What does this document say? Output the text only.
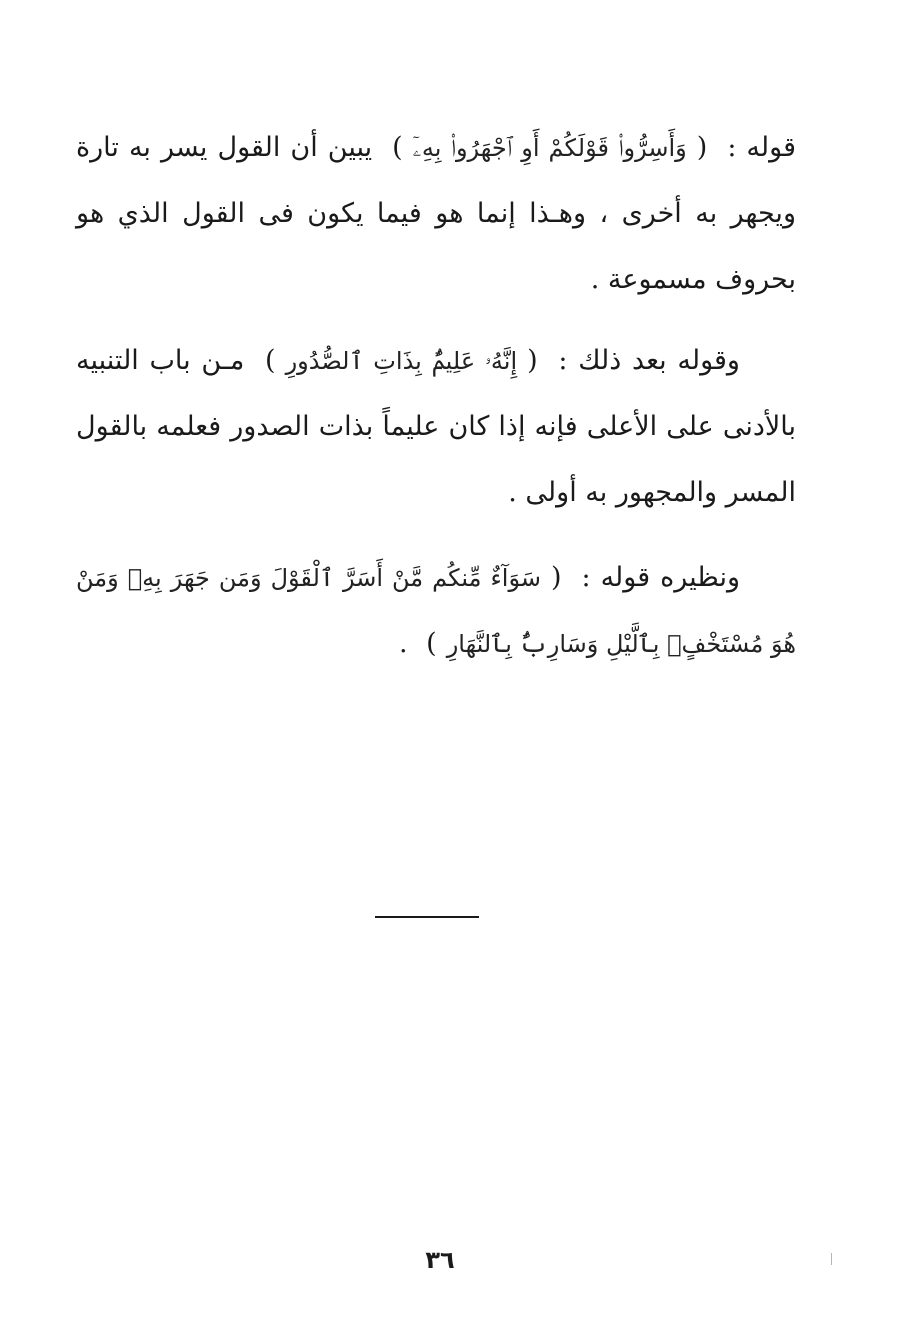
قوله : (وَأَسِرُّوا۟ قَوْلَكُمْ أَوِ ٱجْهَرُوا۟ بِهِۦٓ) يبين أن القول يسر به تارة ويجهر به أخرى ، وهـذا إنما هو فيما يكون فى القول الذي هو بحروف مسموعة .

وقوله بعد ذلك : (إِنَّهُۥ عَلِيمٌۢ بِذَاتِ ٱلصُّدُورِ) مـن باب التنبيه بالأدنى على الأعلى فإنه إذا كان عليماً بذات الصدور فعلمه بالقول المسر والمجهور به أولى .

ونظيره قوله : (سَوَآءٌ مِّنكُم مَّنْ أَسَرَّ ٱلْقَوْلَ وَمَن جَهَرَ بِهِۦ وَمَنْ هُوَ مُسْتَخْفٍۭ بِٱلَّيْلِ وَسَارِبٌۢ بِٱلنَّهَارِ) .

٣٦
